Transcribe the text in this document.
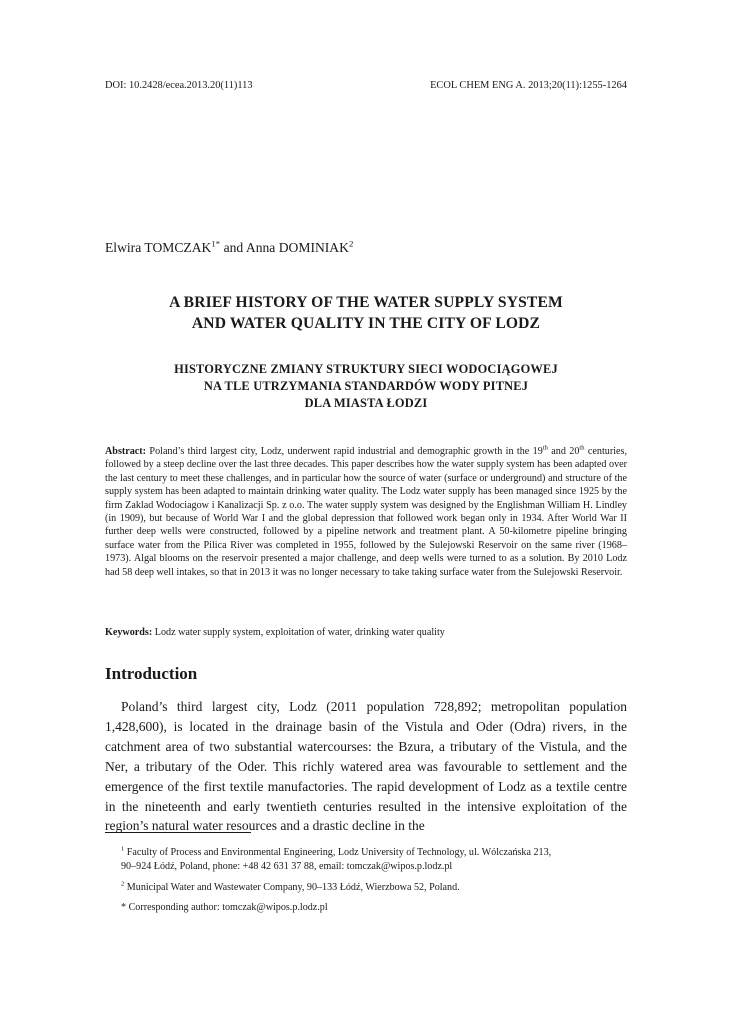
DOI: 10.2428/ecea.2013.20(11)113	ECOL CHEM ENG A. 2013;20(11):1255-1264
Elwira $TOMCZAK^{1*}$ and Anna DOMINIAK$^2$
A BRIEF HISTORY OF THE WATER SUPPLY SYSTEM
AND WATER QUALITY IN THE CITY OF LODZ
HISTORYCZNE ZMIANY STRUKTURY SIECI WODOCIĄGOWEJ
NA TLE UTRZYMANIA STANDARDÓW WODY PITNEJ
DLA MIASTA ŁODZI
Abstract: Poland’s third largest city, Lodz, underwent rapid industrial and demographic growth in the 19th and 20th centuries, followed by a steep decline over the last three decades. This paper describes how the water supply system has been adapted over the last century to meet these challenges, and in particular how the source of water (surface or underground) and structure of the supply system has been adapted to maintain drinking water quality. The Lodz water supply has been managed since 1925 by the firm Zaklad Wodociagow i Kanalizacji Sp. z o.o. The water supply system was designed by the Englishman William H. Lindley (in 1909), but because of World War I and the global depression that followed work began only in 1934. After World War II further deep wells were constructed, followed by a pipeline network and treatment plant. A 50-kilometre pipeline bringing surface water from the Pilica River was completed in 1955, followed by the Sulejowski Reservoir on the same river (1968–1973). Algal blooms on the reservoir presented a major challenge, and deep wells were turned to as a solution. By 2010 Lodz had 58 deep well intakes, so that in 2013 it was no longer necessary to take taking surface water from the Sulejowski Reservoir.
Keywords: Lodz water supply system, exploitation of water, drinking water quality
Introduction

Poland’s third largest city, Lodz (2011 population 728,892; metropolitan population 1,428,600), is located in the drainage basin of the Vistula and Oder (Odra) rivers, in the catchment area of two substantial watercourses: the Bzura, a tributary of the Vistula, and the Ner, a tributary of the Oder. This richly watered area was favourable to settlement and the emergence of the first textile manufactories. The rapid development of Lodz as a textile centre in the nineteenth and early twentieth centuries resulted in the intensive exploitation of the region’s natural water resources and a drastic decline in the

$^1$ Faculty of Process and Environmental Engineering, Lodz University of Technology, ul. Wólczańska 213,
90–924 Łódź, Poland, phone: +48 42 631 37 88, email: tomczak@wipos.p.lodz.pl
$^2$ Municipal Water and Wastewater Company, 90–133 Łódź, Wierzbowa 52, Poland.
* Corresponding author: tomczak@wipos.p.lodz.pl
